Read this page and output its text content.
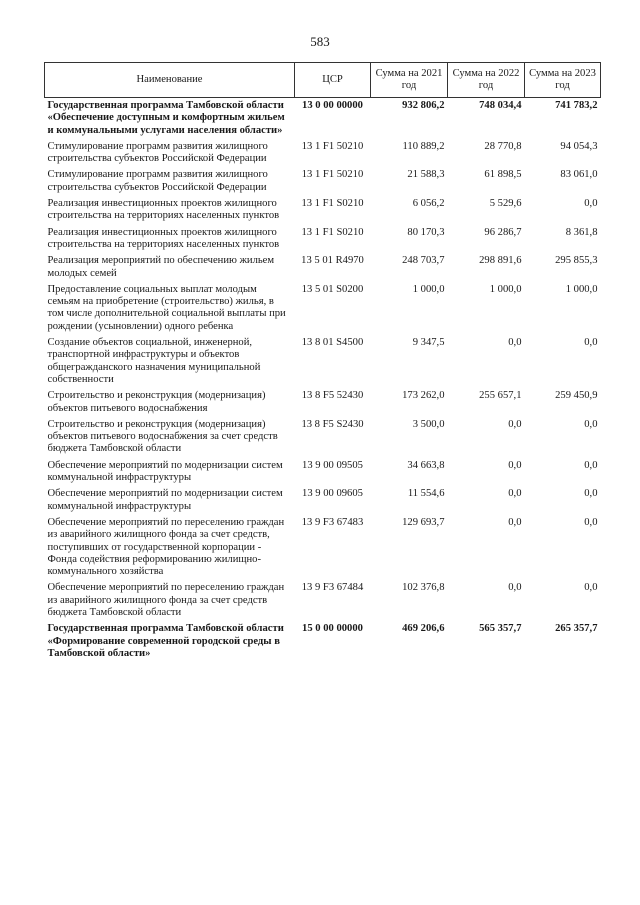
583
Наименование	ЦСР	Сумма на 2021 год	Сумма на 2022 год	Сумма на 2023 год
Государственная программа Тамбовской области «Обеспечение доступным и комфортным жильем и коммунальными услугами населения области»	13 0 00 00000	932 806,2	748 034,4	741 783,2
Стимулирование программ развития жилищного строительства субъектов Российской Федерации	13 1 F1 50210	110 889,2	28 770,8	94 054,3
Стимулирование программ развития жилищного строительства субъектов Российской Федерации	13 1 F1 50210	21 588,3	61 898,5	83 061,0
Реализация инвестиционных проектов жилищного строительства на территориях населенных пунктов	13 1 F1 S0210	6 056,2	5 529,6	0,0
Реализация инвестиционных проектов жилищного строительства на территориях населенных пунктов	13 1 F1 S0210	80 170,3	96 286,7	8 361,8
Реализация мероприятий по обеспечению жильем молодых семей	13 5 01 R4970	248 703,7	298 891,6	295 855,3
Предоставление социальных выплат молодым семьям на приобретение (строительство) жилья, в том числе дополнительной социальной выплаты при рождении (усыновлении) одного ребенка	13 5 01 S0200	1 000,0	1 000,0	1 000,0
Создание объектов социальной, инженерной, транспортной инфраструктуры и объектов общегражданского назначения муниципальной собственности	13 8 01 S4500	9 347,5	0,0	0,0
Строительство и реконструкция (модернизация) объектов питьевого водоснабжения	13 8 F5 52430	173 262,0	255 657,1	259 450,9
Строительство и реконструкция (модернизация) объектов питьевого водоснабжения за счет средств бюджета Тамбовской области	13 8 F5 S2430	3 500,0	0,0	0,0
Обеспечение мероприятий по модернизации систем коммунальной инфраструктуры	13 9 00 09505	34 663,8	0,0	0,0
Обеспечение мероприятий по модернизации систем коммунальной инфраструктуры	13 9 00 09605	11 554,6	0,0	0,0
Обеспечение мероприятий по переселению граждан из аварийного жилищного фонда за счет средств, поступивших от государственной корпорации - Фонда содействия реформированию жилищно-коммунального хозяйства	13 9 F3 67483	129 693,7	0,0	0,0
Обеспечение мероприятий по переселению граждан из аварийного жилищного фонда за счет средств бюджета Тамбовской области	13 9 F3 67484	102 376,8	0,0	0,0
Государственная программа Тамбовской области «Формирование современной городской среды в Тамбовской области»	15 0 00 00000	469 206,6	565 357,7	265 357,7
